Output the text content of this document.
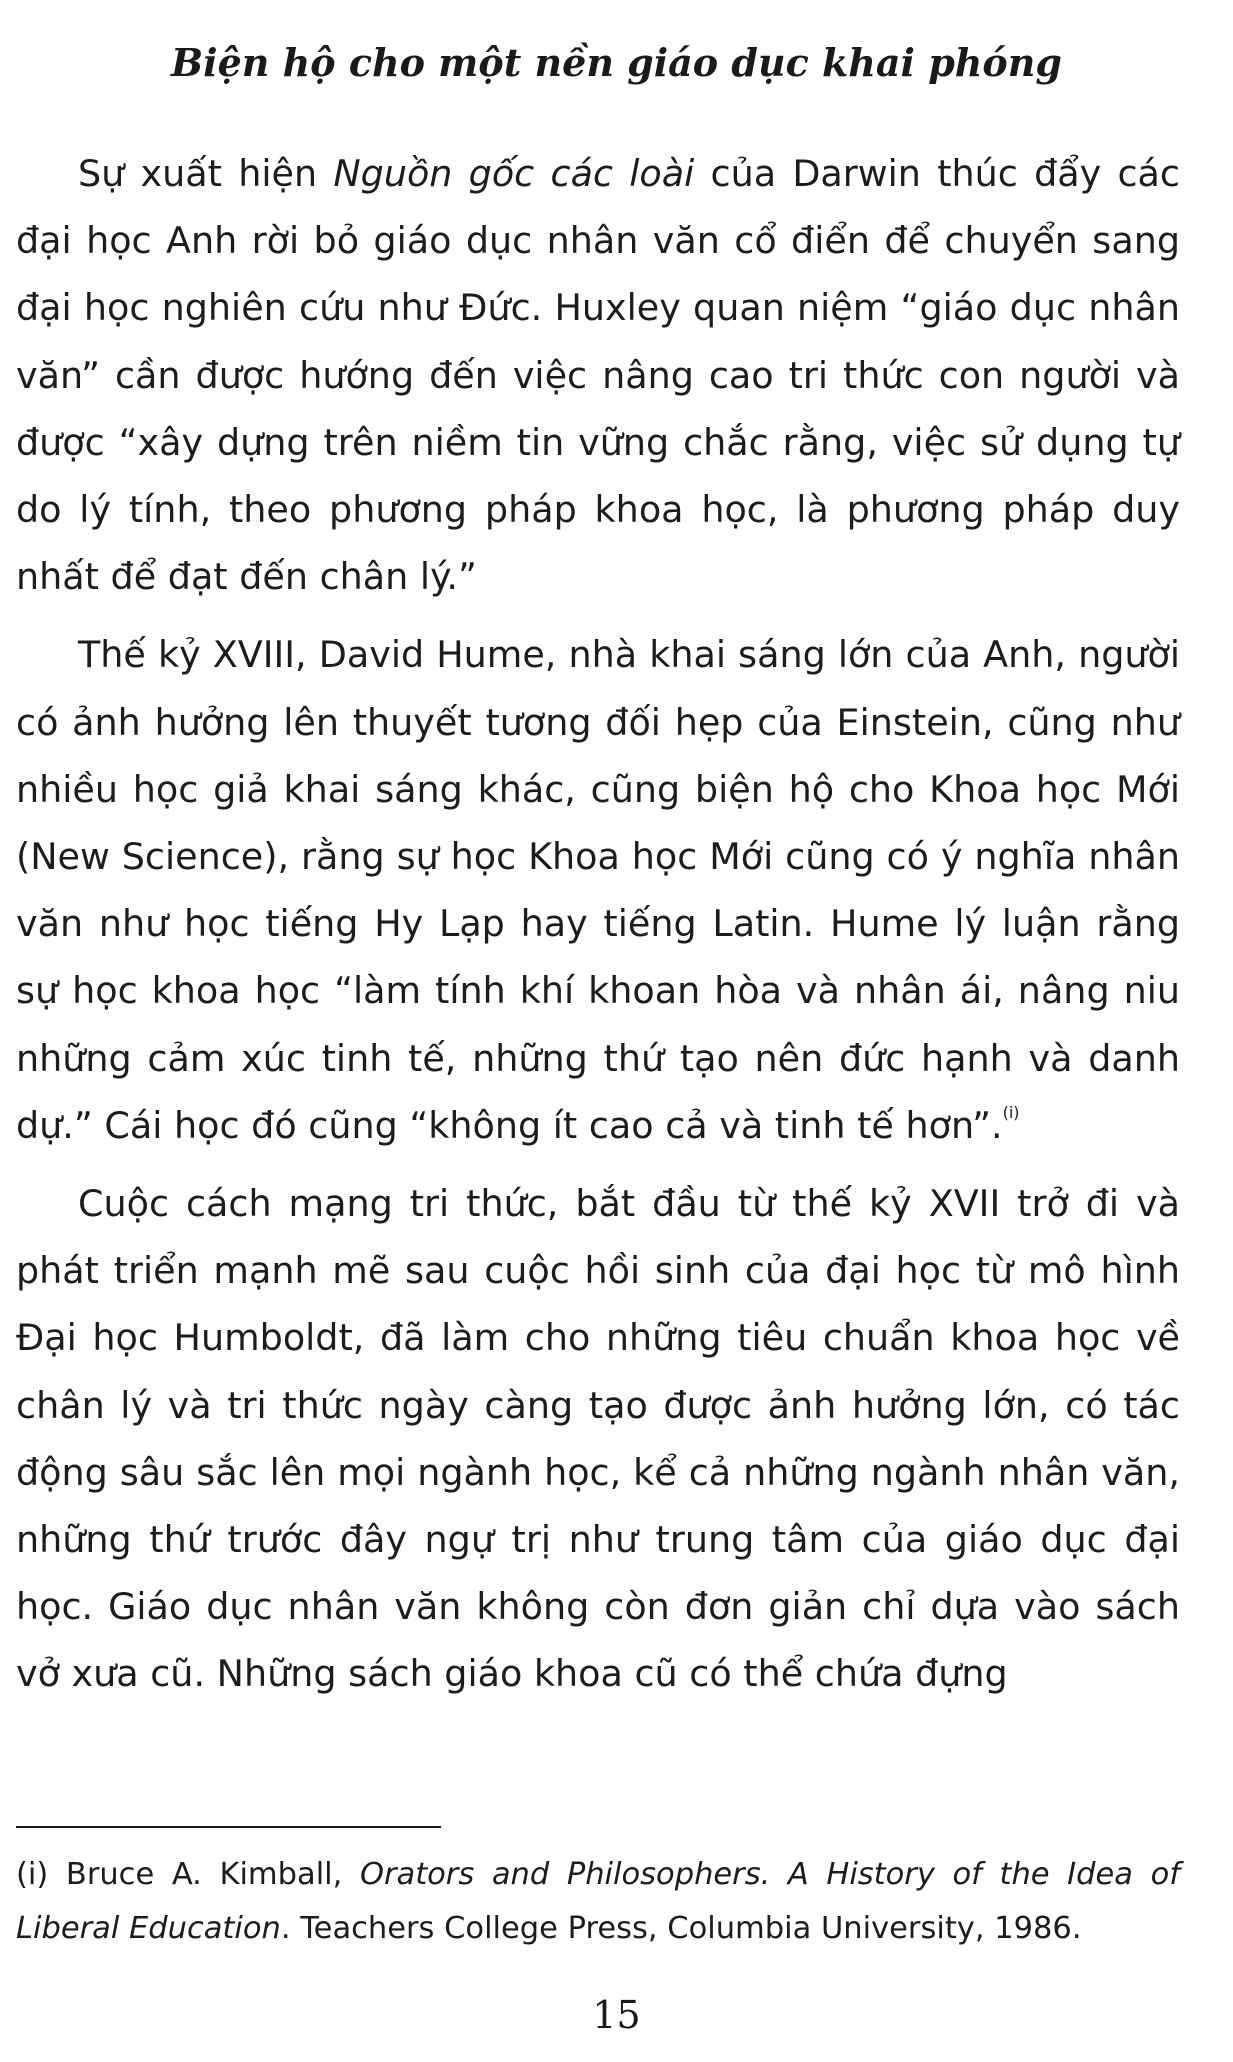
Biện hộ cho một nền giáo dục khai phóng

Sự xuất hiện Nguồn gốc các loài của Darwin thúc đẩy các đại học Anh rời bỏ giáo dục nhân văn cổ điển để chuyển sang đại học nghiên cứu như Đức. Huxley quan niệm “giáo dục nhân văn” cần được hướng đến việc nâng cao tri thức con người và được “xây dựng trên niềm tin vững chắc rằng, việc sử dụng tự do lý tính, theo phương pháp khoa học, là phương pháp duy nhất để đạt đến chân lý.”

Thế kỷ XVIII, David Hume, nhà khai sáng lớn của Anh, người có ảnh hưởng lên thuyết tương đối hẹp của Einstein, cũng như nhiều học giả khai sáng khác, cũng biện hộ cho Khoa học Mới (New Science), rằng sự học Khoa học Mới cũng có ý nghĩa nhân văn như học tiếng Hy Lạp hay tiếng Latin. Hume lý luận rằng sự học khoa học “làm tính khí khoan hòa và nhân ái, nâng niu những cảm xúc tinh tế, những thứ tạo nên đức hạnh và danh dự.” Cái học đó cũng “không ít cao cả và tinh tế hơn”.$^{(i)}$

Cuộc cách mạng tri thức, bắt đầu từ thế kỷ XVII trở đi và phát triển mạnh mẽ sau cuộc hồi sinh của đại học từ mô hình Đại học Humboldt, đã làm cho những tiêu chuẩn khoa học về chân lý và tri thức ngày càng tạo được ảnh hưởng lớn, có tác động sâu sắc lên mọi ngành học, kể cả những ngành nhân văn, những thứ trước đây ngự trị như trung tâm của giáo dục đại học. Giáo dục nhân văn không còn đơn giản chỉ dựa vào sách vở xưa cũ. Những sách giáo khoa cũ có thể chứa đựng

(i) Bruce A. Kimball, Orators and Philosophers. A History of the Idea of Liberal Education. Teachers College Press, Columbia University, 1986.
15
